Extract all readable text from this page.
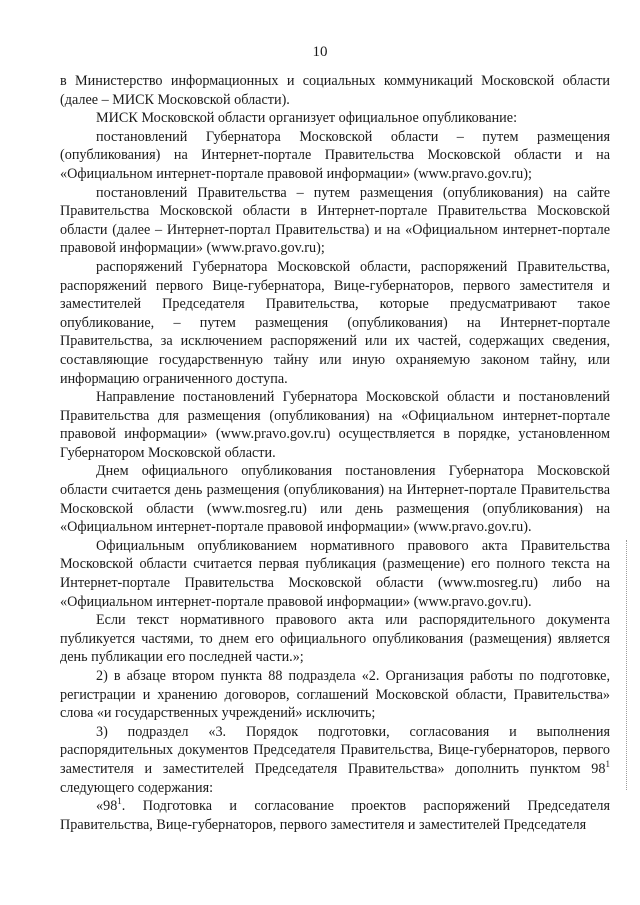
10

в Министерство информационных и социальных коммуникаций Московской области (далее – МИСК Московской области).

МИСК Московской области организует официальное опубликование:

постановлений Губернатора Московской области – путем размещения (опубликования) на Интернет-портале Правительства Московской области и на «Официальном интернет-портале правовой информации» (www.pravo.gov.ru);

постановлений Правительства – путем размещения (опубликования) на сайте Правительства Московской области в Интернет-портале Правительства Московской области (далее – Интернет-портал Правительства) и на «Официальном интернет-портале правовой информации» (www.pravo.gov.ru);

распоряжений Губернатора Московской области, распоряжений Правительства, распоряжений первого Вице-губернатора, Вице-губернаторов, первого заместителя и заместителей Председателя Правительства, которые предусматривают такое опубликование, – путем размещения (опубликования) на Интернет-портале Правительства, за исключением распоряжений или их частей, содержащих сведения, составляющие государственную тайну или иную охраняемую законом тайну, или информацию ограниченного доступа.

Направление постановлений Губернатора Московской области и постановлений Правительства для размещения (опубликования) на «Официальном интернет-портале правовой информации» (www.pravo.gov.ru) осуществляется в порядке, установленном Губернатором Московской области.

Днем официального опубликования постановления Губернатора Московской области считается день размещения (опубликования) на Интернет-портале Правительства Московской области (www.mosreg.ru) или день размещения (опубликования) на «Официальном интернет-портале правовой информации» (www.pravo.gov.ru).

Официальным опубликованием нормативного правового акта Правительства Московской области считается первая публикация (размещение) его полного текста на Интернет-портале Правительства Московской области (www.mosreg.ru) либо на «Официальном интернет-портале правовой информации» (www.pravo.gov.ru).

Если текст нормативного правового акта или распорядительного документа публикуется частями, то днем его официального опубликования (размещения) является день публикации его последней части.»;

2) в абзаце втором пункта 88 подраздела «2. Организация работы по подготовке, регистрации и хранению договоров, соглашений Московской области, Правительства» слова «и государственных учреждений» исключить;

3) подраздел «3. Порядок подготовки, согласования и выполнения распорядительных документов Председателя Правительства, Вице-губернаторов, первого заместителя и заместителей Председателя Правительства» дополнить пунктом $98^1$ следующего содержания:

«$98^1$. Подготовка и согласование проектов распоряжений Председателя Правительства, Вице-губернаторов, первого заместителя и заместителей Председателя
